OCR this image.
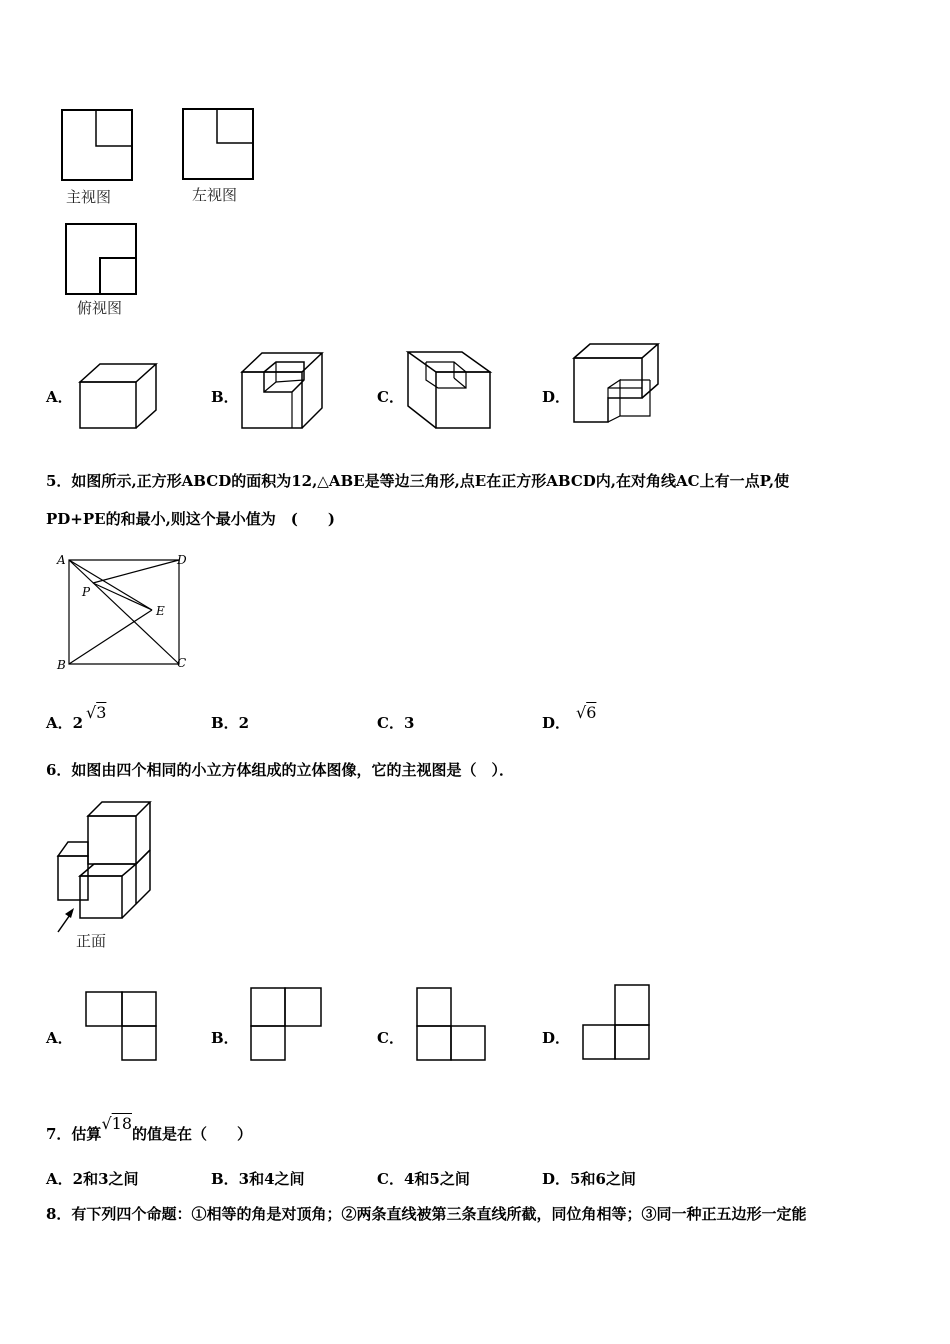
主视图	左视图
俯视图
A．	B．	C．	D．
5．如图所示,正方形ABCD的面积为12,△ABE是等边三角形,点E在正方形ABCD内,在对角线AC上有一点P,使
PD+PE的和最小,则这个最小值为　(　　)
A	D
P
E
B	C
A．2
√3
B．2	C．3	D．
√6
6．如图由四个相同的小立方体组成的立体图像，它的主视图是（　）．
正面
A．	B．	C．	D．
7．估算√18的值是在（　　）
A．2和3之间	B．3和4之间	C．4和5之间	D．5和6之间
8．有下列四个命题：①相等的角是对顶角；②两条直线被第三条直线所截，同位角相等；③同一种正五边形一定能
